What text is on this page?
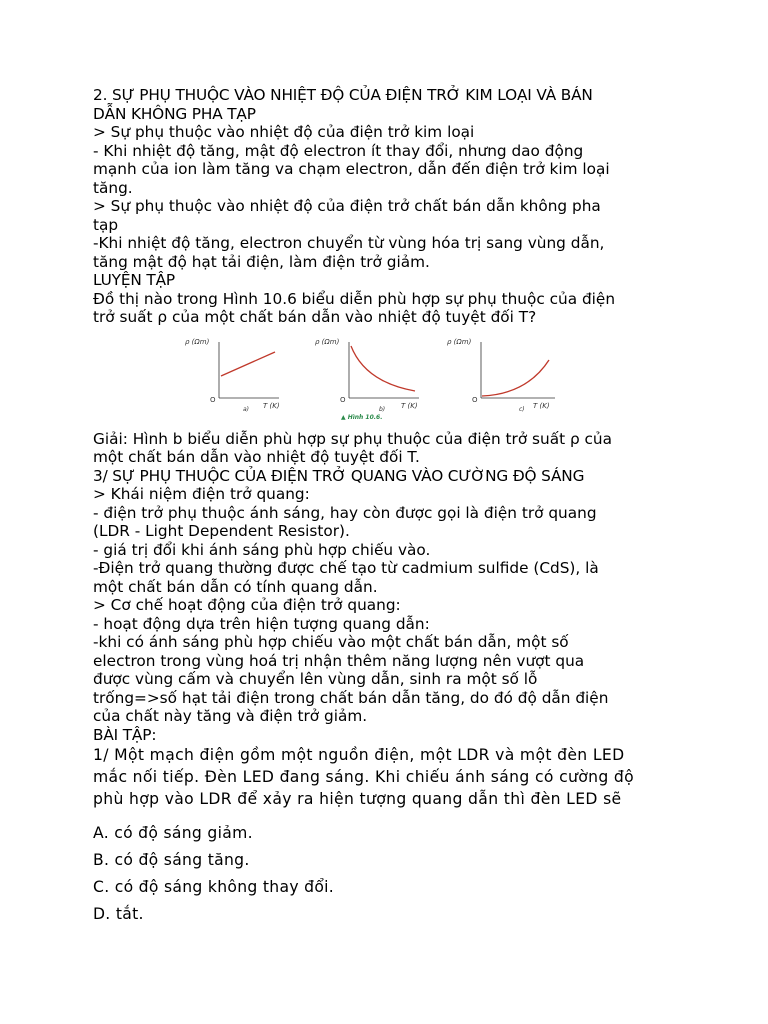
2. SỰ PHỤ THUỘC VÀO NHIỆT ĐỘ CỦA ĐIỆN TRỞ KIM LOẠI VÀ BÁN
DẪN KHÔNG PHA TẠP
> Sự phụ thuộc vào nhiệt độ của điện trở kim loại
- Khi nhiệt độ tăng, mật độ electron ít thay đổi, nhưng dao động
mạnh của ion làm tăng va chạm electron, dẫn đến điện trở kim loại
tăng.
> Sự phụ thuộc vào nhiệt độ của điện trở chất bán dẫn không pha
tạp
-Khi nhiệt độ tăng, electron chuyển từ vùng hóa trị sang vùng dẫn,
tăng mật độ hạt tải điện, làm điện trở giảm.
LUYỆN TẬP
Đồ thị nào trong Hình 10.6 biểu diễn phù hợp sự phụ thuộc của điện
trở suất ρ của một chất bán dẫn vào nhiệt độ tuyệt đối T?
ρ (Ωm)
O
T (K)
a)
ρ (Ωm)
O
T (K)
b)
ρ (Ωm)
O
T (K)
c)
▲ Hình 10.6.
Giải: Hình b biểu diễn phù hợp sự phụ thuộc của điện trở suất ρ của
một chất bán dẫn vào nhiệt độ tuyệt đối T.
3/ SỰ PHỤ THUỘC CỦA ĐIỆN TRỞ QUANG VÀO CƯỜNG ĐỘ SÁNG
> Khái niệm điện trở quang:
- điện trở phụ thuộc ánh sáng, hay còn được gọi là điện trở quang
(LDR - Light Dependent Resistor).
- giá trị đổi khi ánh sáng phù hợp chiếu vào.
-Điện trở quang thường được chế tạo từ cadmium sulfide (CdS), là
một chất bán dẫn có tính quang dẫn.
> Cơ chế hoạt động của điện trở quang:
- hoạt động dựa trên hiện tượng quang dẫn:
-khi có ánh sáng phù hợp chiếu vào một chất bán dẫn, một số
electron trong vùng hoá trị nhận thêm năng lượng nên vượt qua
được vùng cấm và chuyển lên vùng dẫn, sinh ra một số lỗ
trống=>số hạt tải điện trong chất bán dẫn tăng, do đó độ dẫn điện
của chất này tăng và điện trở giảm.
BÀI TẬP:
1/ Một mạch điện gồm một nguồn điện, một LDR và một đèn LED
mắc nối tiếp. Đèn LED đang sáng. Khi chiếu ánh sáng có cường độ
phù hợp vào LDR để xảy ra hiện tượng quang dẫn thì đèn LED sẽ
A. có độ sáng giảm.
B. có độ sáng tăng.
C. có độ sáng không thay đổi.
D. tắt.
